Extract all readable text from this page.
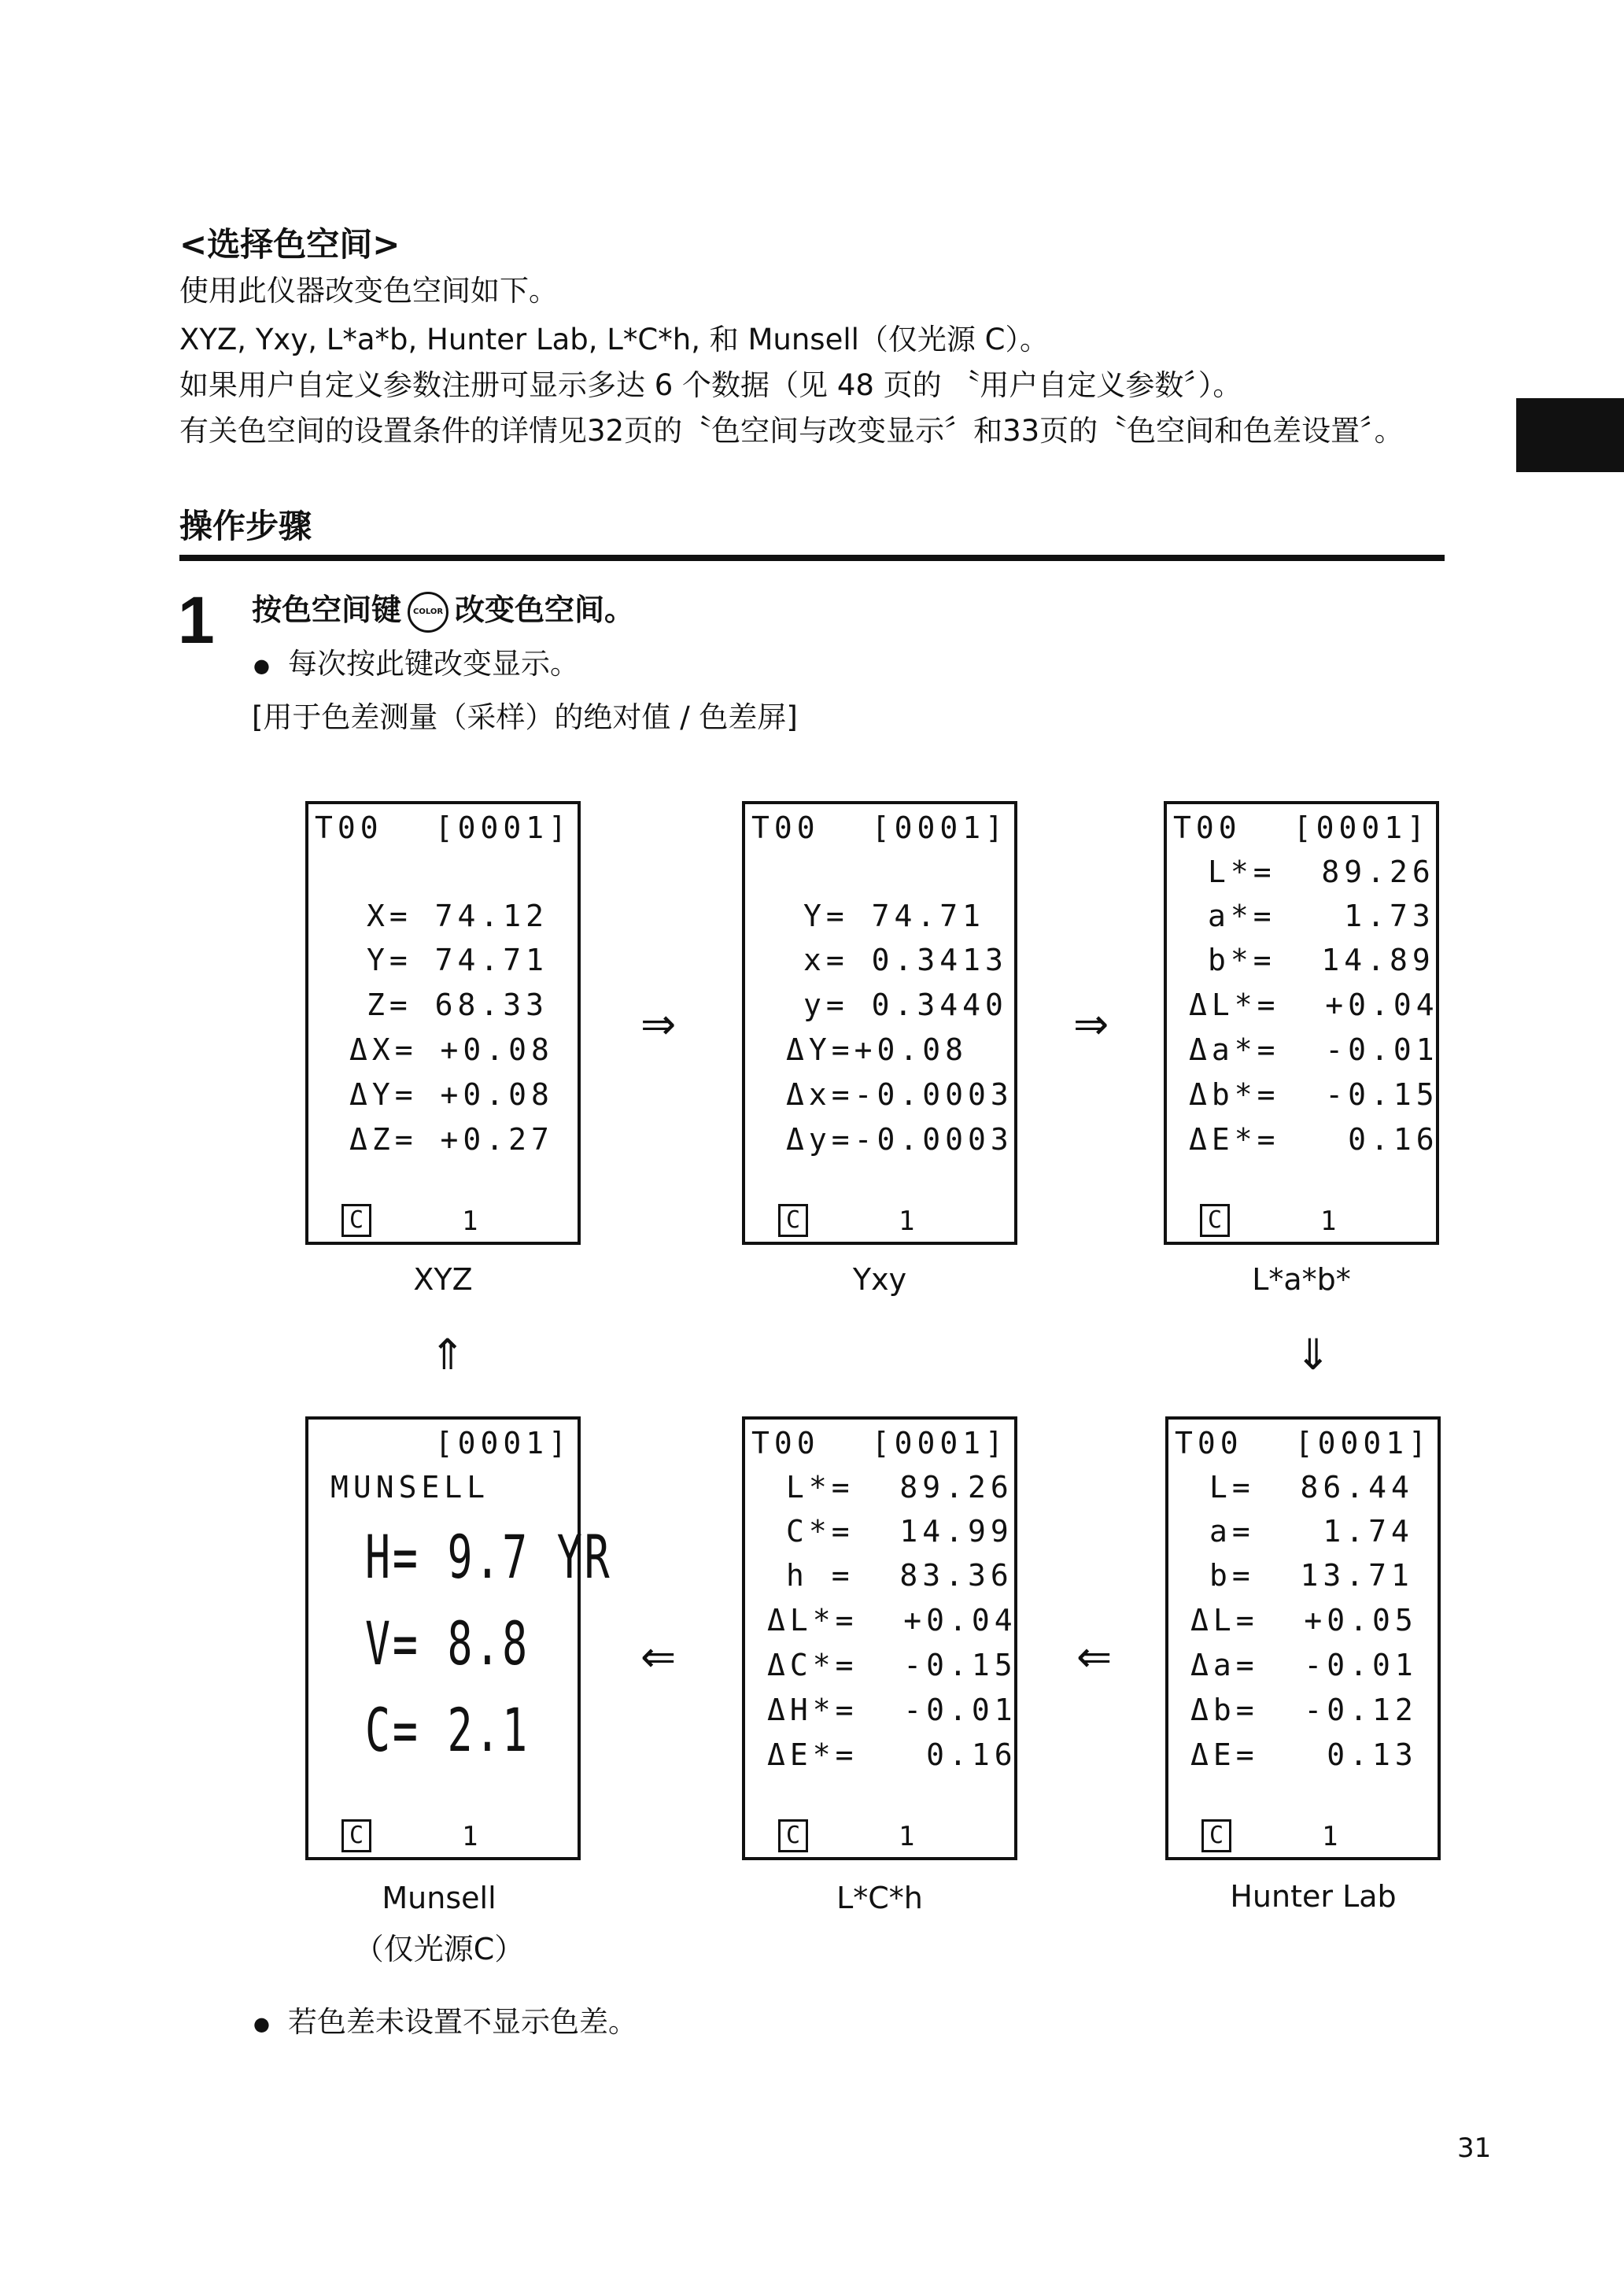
<选择色空间>
使用此仪器改变色空间如下。
XYZ, Yxy, L*a*b, Hunter Lab, L*C*h, 和 Munsell（仅光源 C）。
如果用户自定义参数注册可显示多达 6 个数据（见 48 页的 〝用户自定义参数〞）。
有关色空间的设置条件的详情见32页的〝色空间与改变显示〞和33页的〝色空间和色差设置〞。
操作步骤
1 按色空间键 COLOR 改变色空间。
● 每次按此键改变显示。
[用于色差测量（采样）的绝对值 / 色差屏]
T00 [0001]
X= 74.12
Y= 74.71
Z= 68.33
ΔX= +0.08
ΔY= +0.08
ΔZ= +0.27
C	1
XYZ
T00 [0001]
Y= 74.71
x= 0.3413
y= 0.3440
ΔY=+0.08
Δx=-0.0003
Δy=-0.0003
C	1
Yxy
T00 [0001]
L*=  89.26
a*=   1.73
b*=  14.89
ΔL*=  +0.04
Δa*=  -0.01
Δb*=  -0.15
ΔE*=   0.16
C	1
L*a*b*
⇒	⇒
⇑	⇓
[0001]
MUNSELL
H= 9.7 YR
V= 8.8
C= 2.1
C	1
Munsell
（仅光源C）
T00 [0001]
L*=  89.26
C*=  14.99
h =  83.36
ΔL*=  +0.04
ΔC*=  -0.15
ΔH*=  -0.01
ΔE*=   0.16
C	1
L*C*h
T00 [0001]
L=  86.44
a=   1.74
b=  13.71
ΔL=  +0.05
Δa=  -0.01
Δb=  -0.12
ΔE=   0.13
C	1
Hunter Lab
⇐	⇐
● 若色差未设置不显示色差。
31
